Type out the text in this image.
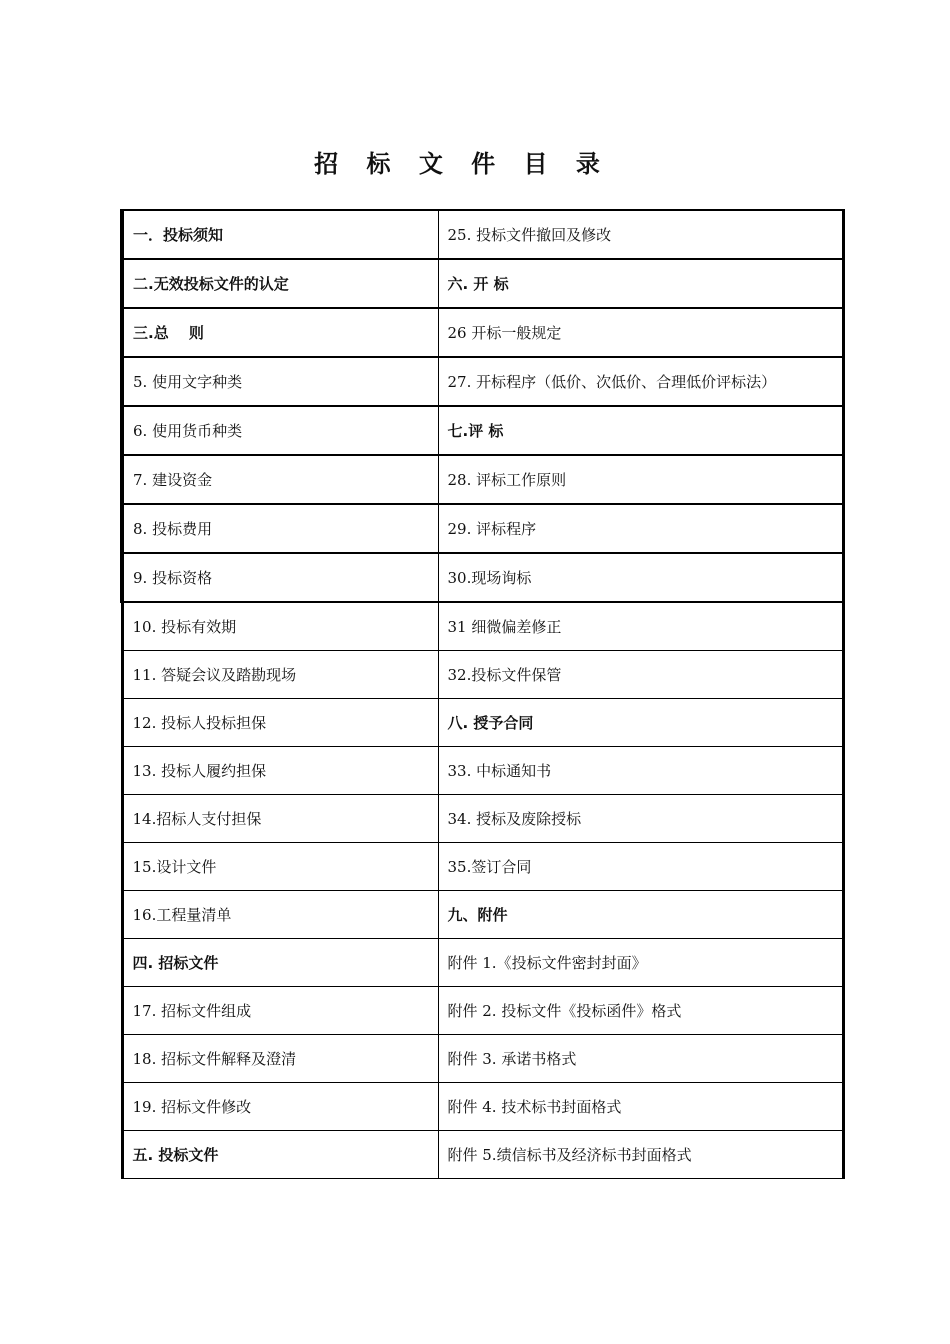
招 标 文 件 目 录
一．投标须知	25. 投标文件撤回及修改
二.无效投标文件的认定	六. 开 标
三.总　 则	26 开标一般规定
5. 使用文字种类	27. 开标程序（低价、次低价、合理低价评标法）
6. 使用货币种类	七.评 标
7. 建设资金	28. 评标工作原则
8. 投标费用	29. 评标程序
9. 投标资格	30.现场询标
10. 投标有效期	31 细微偏差修正
11. 答疑会议及踏勘现场	32.投标文件保管
12. 投标人投标担保	八. 授予合同
13. 投标人履约担保	33. 中标通知书
14.招标人支付担保	34. 授标及废除授标
15.设计文件	35.签订合同
16.工程量清单	九、附件
四. 招标文件	附件 1.《投标文件密封封面》
17. 招标文件组成	附件 2. 投标文件《投标函件》格式
18. 招标文件解释及澄清	附件 3. 承诺书格式
19. 招标文件修改	附件 4. 技术标书封面格式
五. 投标文件	附件 5.绩信标书及经济标书封面格式
